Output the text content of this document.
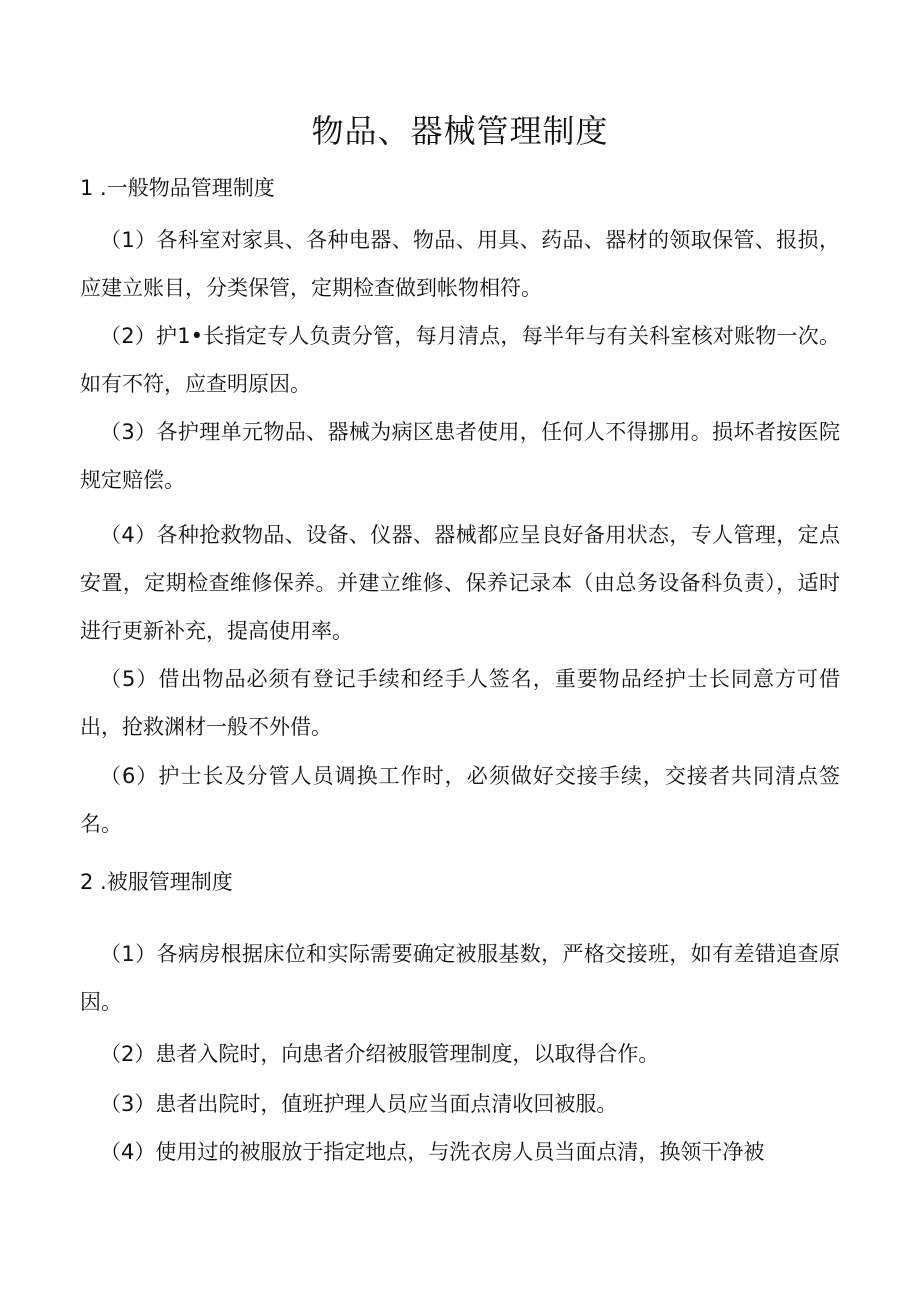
物品、器械管理制度
1 .一般物品管理制度
（1）各科室对家具、各种电器、物品、用具、药品、器材的领取保管、报损，应建立账目，分类保管，定期检查做到帐物相符。
（2）护1•长指定专人负责分管，每月清点，每半年与有关科室核对账物一次。如有不符，应查明原因。
（3）各护理单元物品、器械为病区患者使用，任何人不得挪用。损坏者按医院规定赔偿。
（4）各种抢救物品、设备、仪器、器械都应呈良好备用状态，专人管理，定点安置，定期检查维修保养。并建立维修、保养记录本（由总务设备科负责），适时进行更新补充，提高使用率。
（5）借出物品必须有登记手续和经手人签名，重要物品经护士长同意方可借出，抢救渊材一般不外借。
（6）护士长及分管人员调换工作时，必须做好交接手续，交接者共同清点签名。
2 .被服管理制度
（1）各病房根据床位和实际需要确定被服基数，严格交接班，如有差错追查原因。
（2）患者入院时，向患者介绍被服管理制度，以取得合作。
（3）患者出院时，值班护理人员应当面点清收回被服。
（4）使用过的被服放于指定地点，与洗衣房人员当面点清，换领干净被
